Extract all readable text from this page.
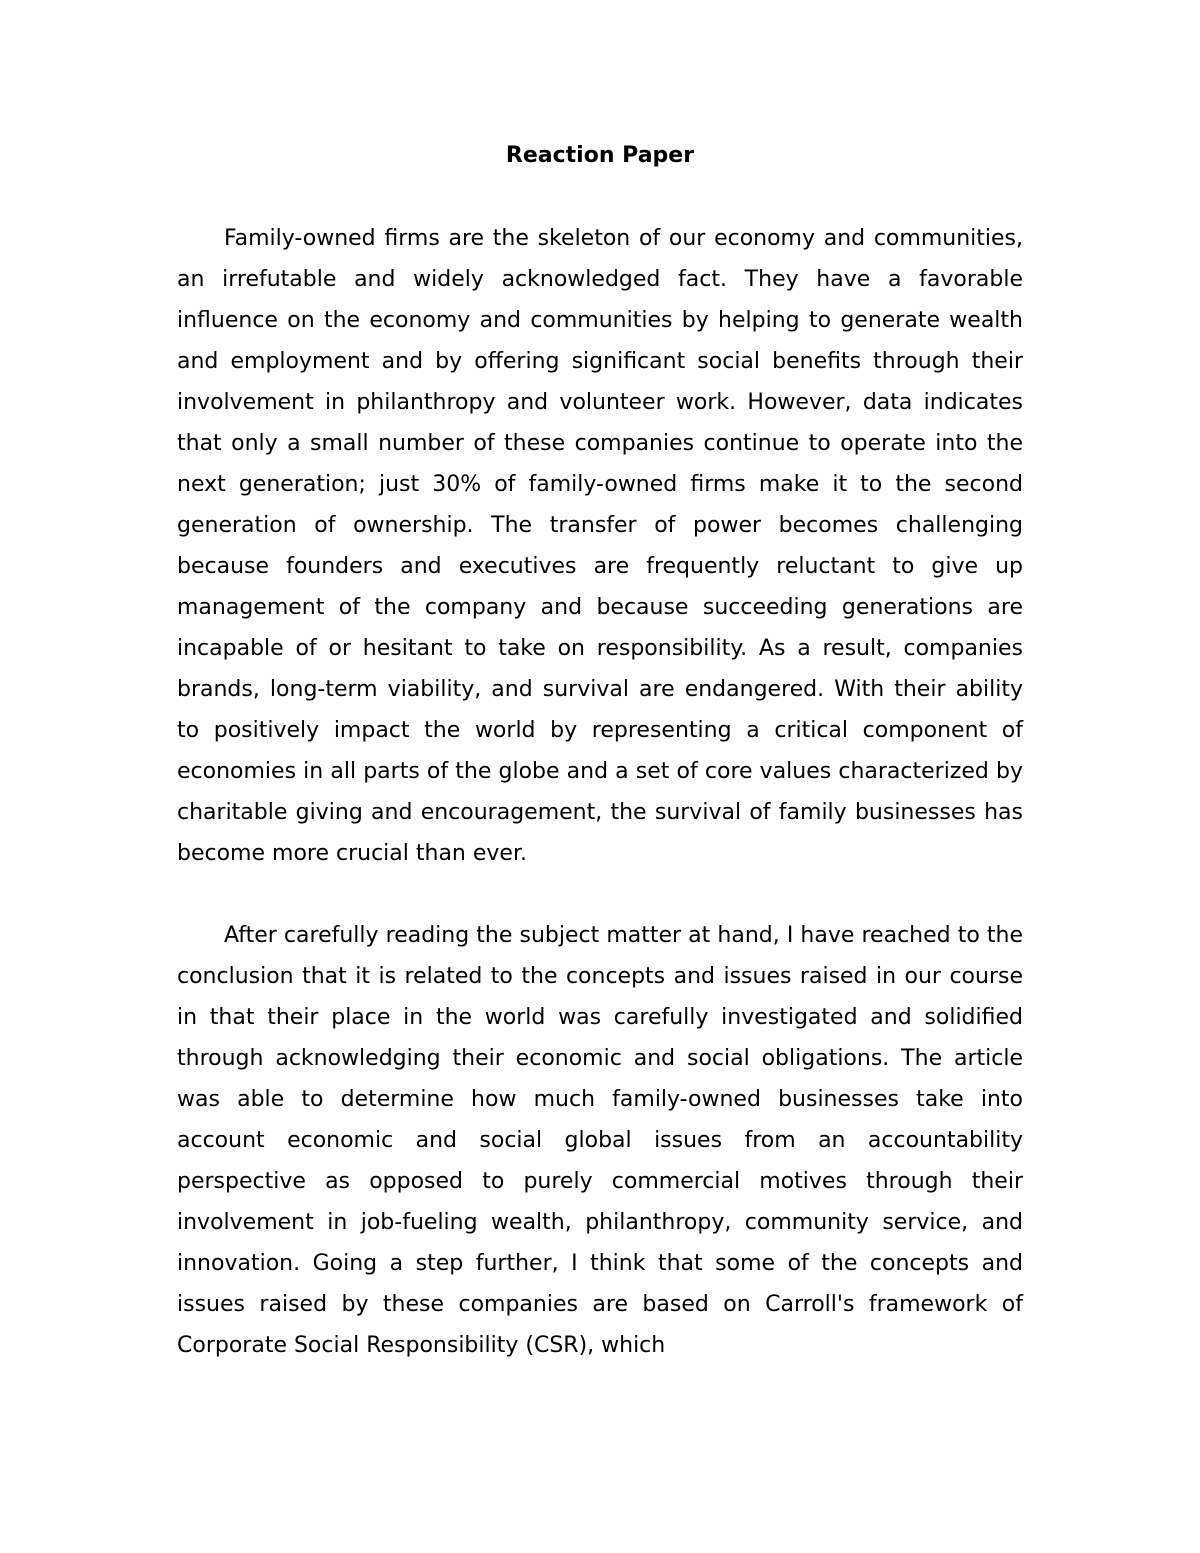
Reaction Paper

Family-owned firms are the skeleton of our economy and communities, an irrefutable and widely acknowledged fact. They have a favorable influence on the economy and communities by helping to generate wealth and employment and by offering significant social benefits through their involvement in philanthropy and volunteer work. However, data indicates that only a small number of these companies continue to operate into the next generation; just 30% of family-owned firms make it to the second generation of ownership. The transfer of power becomes challenging because founders and executives are frequently reluctant to give up management of the company and because succeeding generations are incapable of or hesitant to take on responsibility. As a result, companies brands, long-term viability, and survival are endangered. With their ability to positively impact the world by representing a critical component of economies in all parts of the globe and a set of core values characterized by charitable giving and encouragement, the survival of family businesses has become more crucial than ever.

After carefully reading the subject matter at hand, I have reached to the conclusion that it is related to the concepts and issues raised in our course in that their place in the world was carefully investigated and solidified through acknowledging their economic and social obligations. The article was able to determine how much family-owned businesses take into account economic and social global issues from an accountability perspective as opposed to purely commercial motives through their involvement in job-fueling wealth, philanthropy, community service, and innovation. Going a step further, I think that some of the concepts and issues raised by these companies are based on Carroll's framework of Corporate Social Responsibility (CSR), which
